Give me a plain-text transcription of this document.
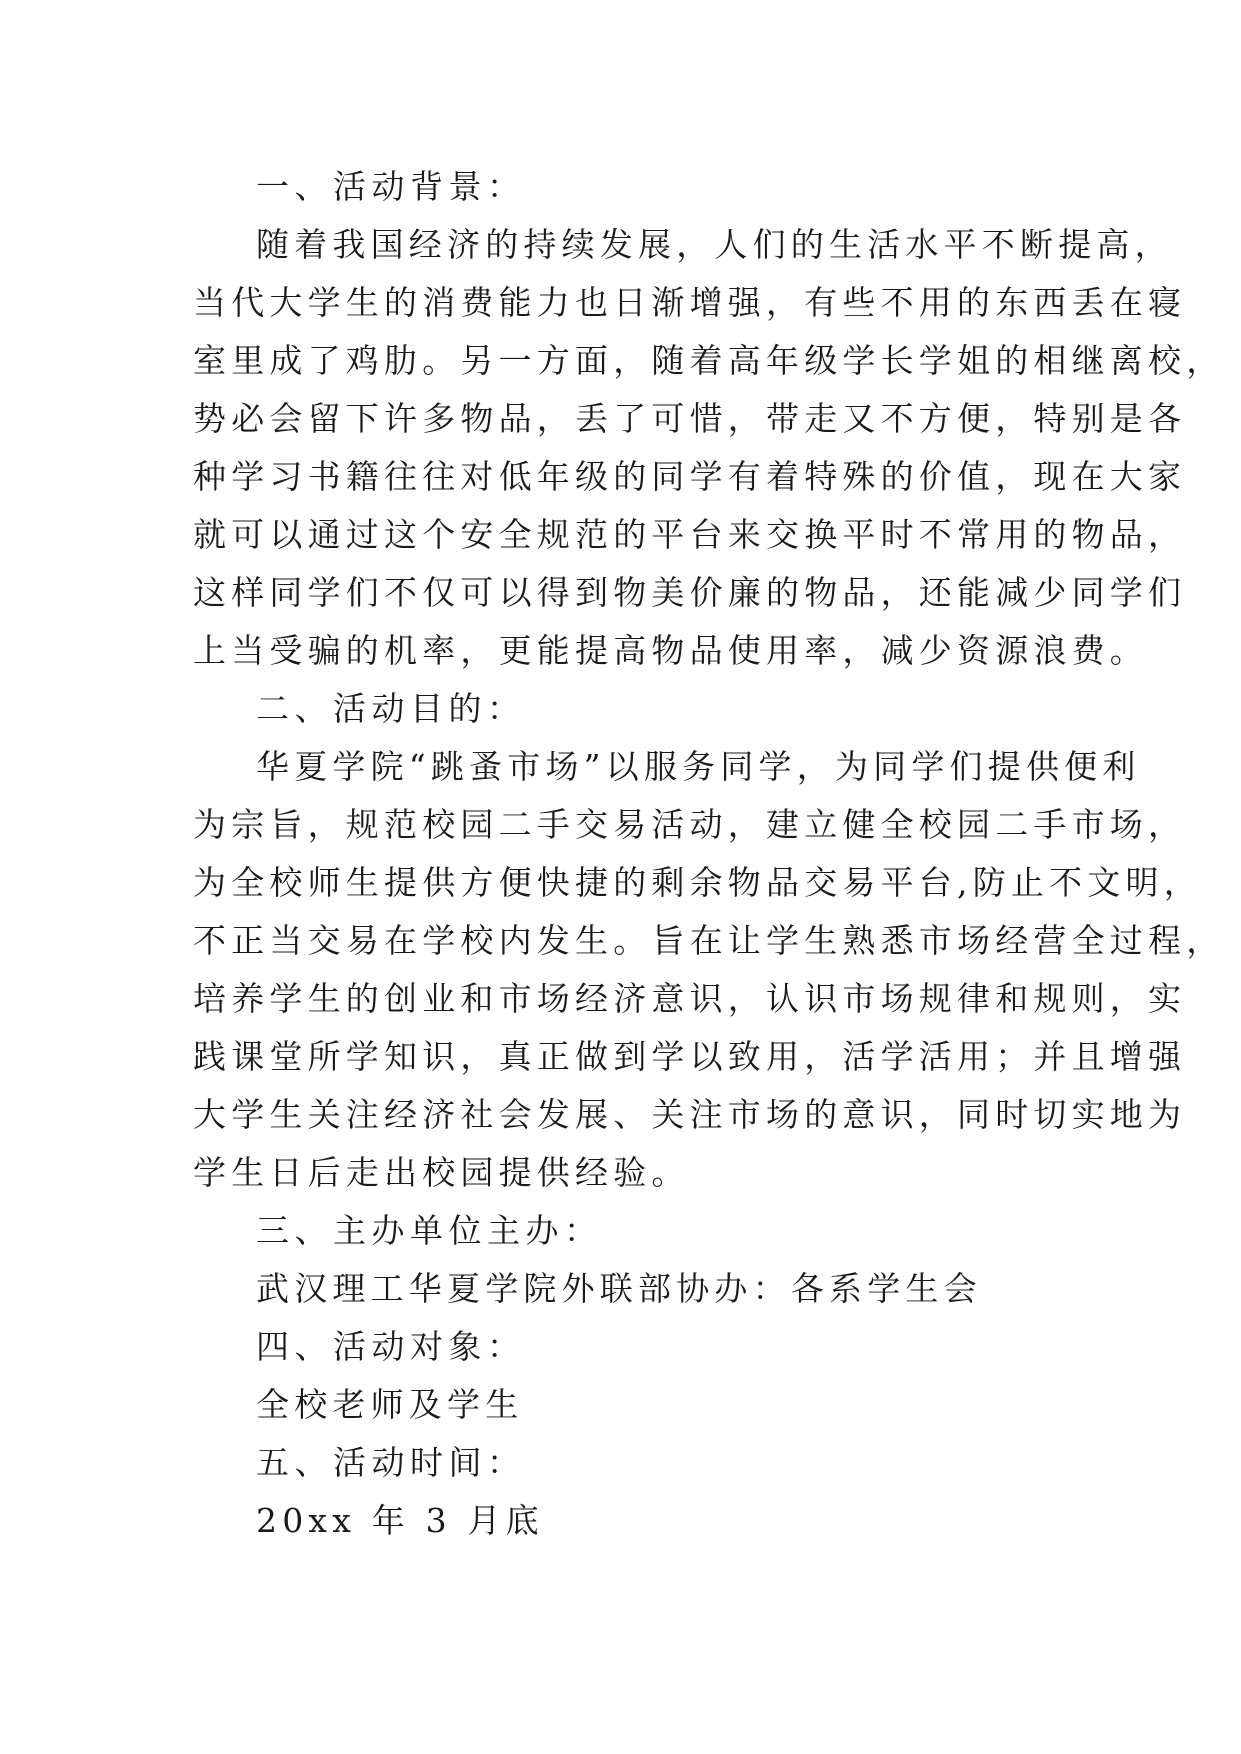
一、活动背景：
随着我国经济的持续发展，人们的生活水平不断提高，
当代大学生的消费能力也日渐增强，有些不用的东西丢在寝
室里成了鸡肋。另一方面，随着高年级学长学姐的相继离校，
势必会留下许多物品，丢了可惜，带走又不方便，特别是各
种学习书籍往往对低年级的同学有着特殊的价值，现在大家
就可以通过这个安全规范的平台来交换平时不常用的物品，
这样同学们不仅可以得到物美价廉的物品，还能减少同学们
上当受骗的机率，更能提高物品使用率，减少资源浪费。
二、活动目的：
华夏学院“跳蚤市场”以服务同学，为同学们提供便利
为宗旨，规范校园二手交易活动，建立健全校园二手市场，
为全校师生提供方便快捷的剩余物品交易平台,防止不文明，
不正当交易在学校内发生。旨在让学生熟悉市场经营全过程，
培养学生的创业和市场经济意识，认识市场规律和规则，实
践课堂所学知识，真正做到学以致用，活学活用；并且增强
大学生关注经济社会发展、关注市场的意识，同时切实地为
学生日后走出校园提供经验。
三、主办单位主办：
武汉理工华夏学院外联部协办：各系学生会
四、活动对象：
全校老师及学生
五、活动时间：
20xx 年 3 月底
